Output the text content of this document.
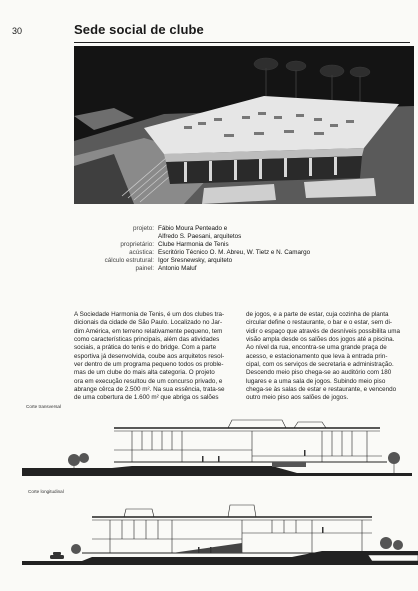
30	Sede social de clube
projeto: Fábio Moura Penteado e
Alfredo S. Paesani, arquitetos
proprietário: Clube Harmonia de Tenis
acústica: Escritório Técnico O. M. Abreu, W. Tietz e N. Camargo
cálculo estrutural: Igor Sresnewsky, arquiteto
painel: Antonio Maluf
A Sociedade Harmonia de Tenis, é um dos clubes tra-
dicionais da cidade de São Paulo. Localizado no Jar-
dim América, em terreno relativamente pequeno, tem
como características principais, além das atividades
sociais, a prática do tenis e do bridge. Com a parte
esportiva já desenvolvida, coube aos arquitetos resol-
ver dentro de um programa pequeno todos os proble-
mas de um clube do mais alta categoria. O projeto
ora em execução resultou de um concurso privado, e
abrange cêrca de 2.500 m². Na sua essência, trata-se
de uma cobertura de 1.600 m² que abriga os salões
de jogos, e a parte de estar, cuja cozinha de planta
circular define o restaurante, o bar e o estar, sem di-
vidir o espaço que através de desníveis possibilita uma
visão ampla desde os salões dos jogos até a piscina.
Ao nível da rua, encontra-se uma grande praça de
acesso, e estacionamento que leva à entrada prin-
cipal, com os serviços de secretaria e administração.
Descendo meio piso chega-se ao auditório com 180
lugares e a uma sala de jogos. Subindo meio piso
chega-se às salas de estar e restaurante, e vencendo
outro meio piso aos salões de jogos.
Corte transversal
Corte longitudinal
